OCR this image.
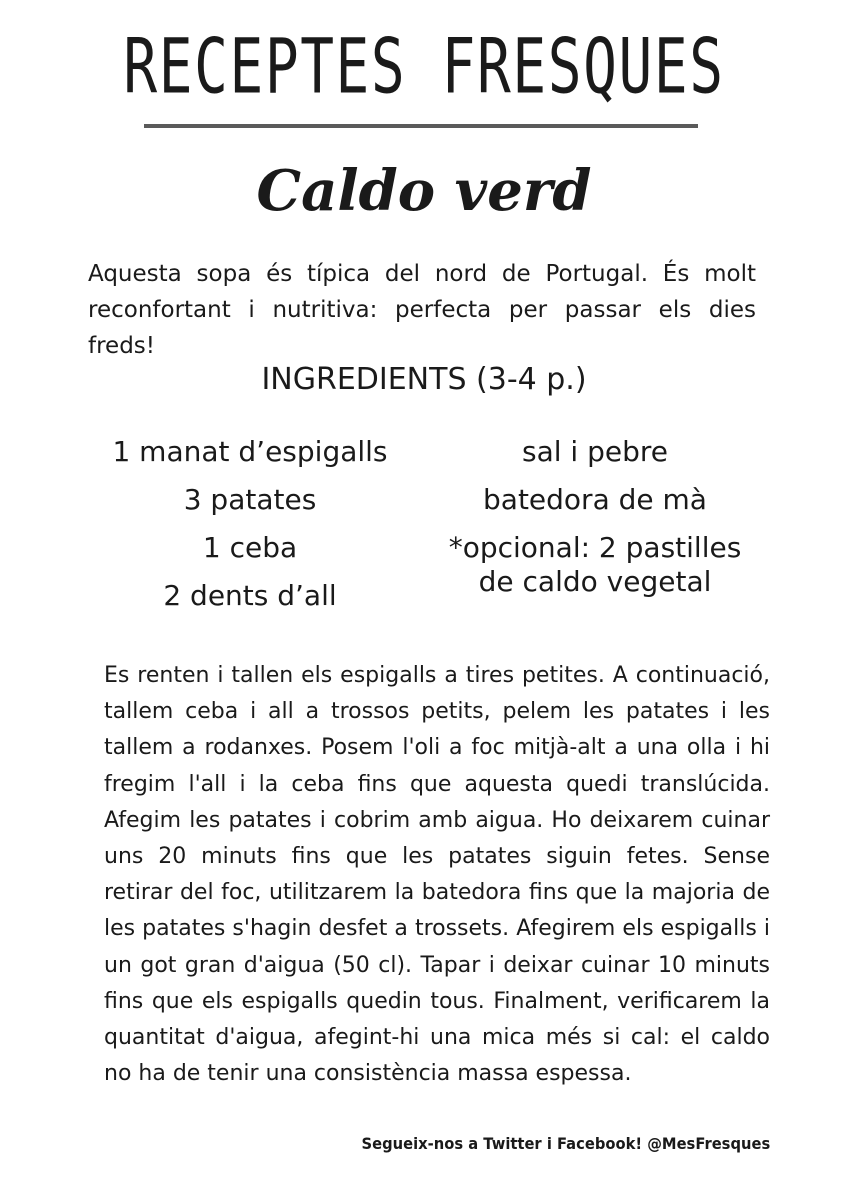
RECEPTES FRESQUES
Caldo verd

Aquesta sopa és típica del nord de Portugal. És molt reconfortant i nutritiva: perfecta per passar els dies freds!

INGREDIENTS (3-4 p.)
1 manat d’espigalls
3 patates
1 ceba
2 dents d’all
sal i pebre
batedora de mà
*opcional: 2 pastilles de caldo vegetal

Es renten i tallen els espigalls a tires petites. A continuació, tallem ceba i all a trossos petits, pelem les patates i les tallem a rodanxes. Posem l'oli a foc mitjà-alt a una olla i hi fregim l'all i la ceba fins que aquesta quedi translúcida. Afegim les patates i cobrim amb aigua. Ho deixarem cuinar uns 20 minuts fins que les patates siguin fetes. Sense retirar del foc, utilitzarem la batedora fins que la majoria de les patates s'hagin desfet a trossets. Afegirem els espigalls i un got gran d'aigua (50 cl). Tapar i deixar cuinar 10 minuts fins que els espigalls quedin tous. Finalment, verificarem la quantitat d'aigua, afegint-hi una mica més si cal: el caldo no ha de tenir una consistència massa espessa.

Segueix-nos a Twitter i Facebook! @MesFresques
